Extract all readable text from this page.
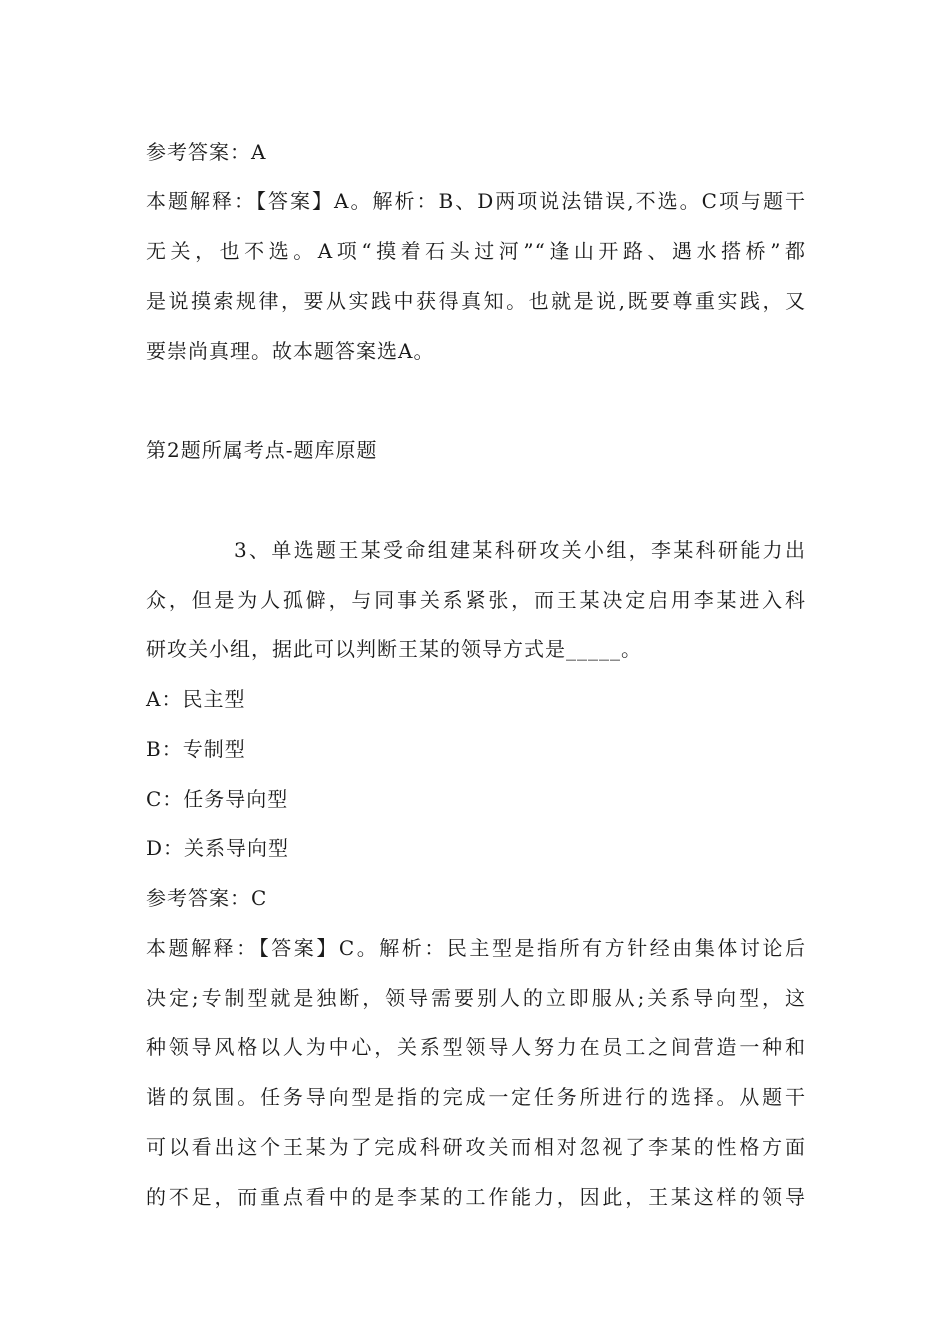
参考答案：A
本题解释：【答案】A。解析：B、D两项说法错误,不选。C项与题干
无关，也不选。A项“摸着石头过河”“逢山开路、遇水搭桥”都
是说摸索规律，要从实践中获得真知。也就是说,既要尊重实践，又
要崇尚真理。故本题答案选A。
第2题所属考点-题库原题
3、单选题王某受命组建某科研攻关小组，李某科研能力出
众，但是为人孤僻，与同事关系紧张，而王某决定启用李某进入科
研攻关小组，据此可以判断王某的领导方式是_____。
A：民主型
B：专制型
C：任务导向型
D：关系导向型
参考答案：C
本题解释：【答案】C。解析：民主型是指所有方针经由集体讨论后
决定;专制型就是独断，领导需要别人的立即服从;关系导向型，这
种领导风格以人为中心，关系型领导人努力在员工之间营造一种和
谐的氛围。任务导向型是指的完成一定任务所进行的选择。从题干
可以看出这个王某为了完成科研攻关而相对忽视了李某的性格方面
的不足，而重点看中的是李某的工作能力，因此，王某这样的领导
